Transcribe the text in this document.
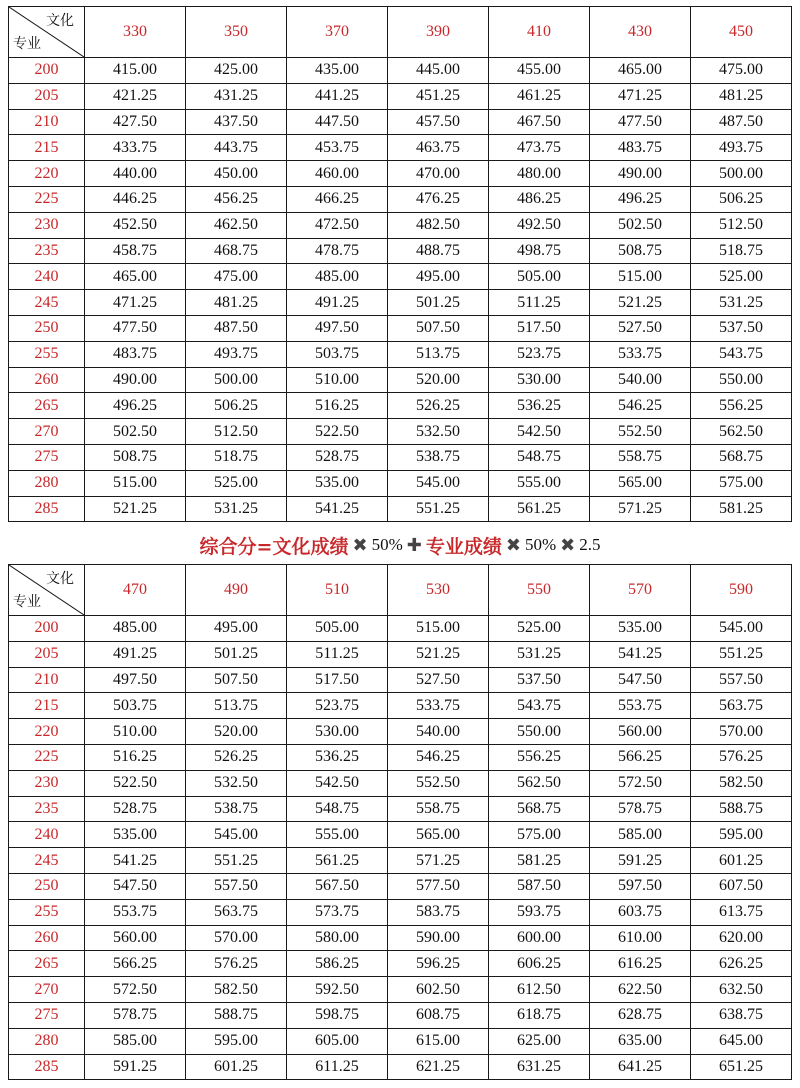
文化
专业	330	350	370	390	410	430	450
200	415.00	425.00	435.00	445.00	455.00	465.00	475.00
205	421.25	431.25	441.25	451.25	461.25	471.25	481.25
210	427.50	437.50	447.50	457.50	467.50	477.50	487.50
215	433.75	443.75	453.75	463.75	473.75	483.75	493.75
220	440.00	450.00	460.00	470.00	480.00	490.00	500.00
225	446.25	456.25	466.25	476.25	486.25	496.25	506.25
230	452.50	462.50	472.50	482.50	492.50	502.50	512.50
235	458.75	468.75	478.75	488.75	498.75	508.75	518.75
240	465.00	475.00	485.00	495.00	505.00	515.00	525.00
245	471.25	481.25	491.25	501.25	511.25	521.25	531.25
250	477.50	487.50	497.50	507.50	517.50	527.50	537.50
255	483.75	493.75	503.75	513.75	523.75	533.75	543.75
260	490.00	500.00	510.00	520.00	530.00	540.00	550.00
265	496.25	506.25	516.25	526.25	536.25	546.25	556.25
270	502.50	512.50	522.50	532.50	542.50	552.50	562.50
275	508.75	518.75	528.75	538.75	548.75	558.75	568.75
280	515.00	525.00	535.00	545.00	555.00	565.00	575.00
285	521.25	531.25	541.25	551.25	561.25	571.25	581.25
综合分=文化成绩 ✖ 50% ✚ 专业成绩 ✖ 50% ✖ 2.5
文化
专业	470	490	510	530	550	570	590
200	485.00	495.00	505.00	515.00	525.00	535.00	545.00
205	491.25	501.25	511.25	521.25	531.25	541.25	551.25
210	497.50	507.50	517.50	527.50	537.50	547.50	557.50
215	503.75	513.75	523.75	533.75	543.75	553.75	563.75
220	510.00	520.00	530.00	540.00	550.00	560.00	570.00
225	516.25	526.25	536.25	546.25	556.25	566.25	576.25
230	522.50	532.50	542.50	552.50	562.50	572.50	582.50
235	528.75	538.75	548.75	558.75	568.75	578.75	588.75
240	535.00	545.00	555.00	565.00	575.00	585.00	595.00
245	541.25	551.25	561.25	571.25	581.25	591.25	601.25
250	547.50	557.50	567.50	577.50	587.50	597.50	607.50
255	553.75	563.75	573.75	583.75	593.75	603.75	613.75
260	560.00	570.00	580.00	590.00	600.00	610.00	620.00
265	566.25	576.25	586.25	596.25	606.25	616.25	626.25
270	572.50	582.50	592.50	602.50	612.50	622.50	632.50
275	578.75	588.75	598.75	608.75	618.75	628.75	638.75
280	585.00	595.00	605.00	615.00	625.00	635.00	645.00
285	591.25	601.25	611.25	621.25	631.25	641.25	651.25
